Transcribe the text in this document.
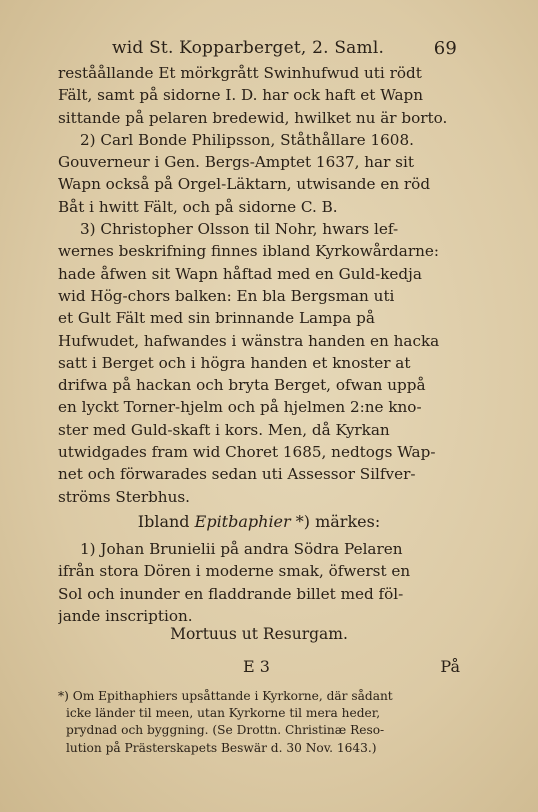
wid St. Kopparberget, 2. Saml.	69
reståållande Et mörkgrått Swinhufwud uti rödt
Fält, samt på sidorne I. D. har ock haft et Wapn
sittande på pelaren bredewid, hwilket nu är borto.
2) Carl Bonde Philipsson, Ståthållare 1608.
Gouverneur i Gen. Bergs-Amptet 1637, har sit
Wapn också på Orgel-Läktarn, utwisande en röd
Båt i hwitt Fält, och på sidorne C. B.
3) Christopher Olsson til Nohr, hwars lef-
wernes beskrifning finnes ibland Kyrkowårdarne:
hade åfwen sit Wapn håftad med en Guld-kedja
wid Hög-chors balken: En bla Bergsman uti
et Gult Fält med sin brinnande Lampa på
Hufwudet, hafwandes i wänstra handen en hacka
satt i Berget och i högra handen et knoster at
drifwa på hackan och bryta Berget, ofwan uppå
en lyckt Torner-hjelm och på hjelmen 2:ne kno-
ster med Guld-skaft i kors. Men, då Kyrkan
utwidgades fram wid Choret 1685, nedtogs Wap-
net och förwarades sedan uti Assessor Silfver-
ströms Sterbhus.
Ibland Epitbaphier *) märkes:
1) Johan Brunielii på andra Södra Pelaren
ifrån stora Dören i moderne smak, öfwerst en
Sol och inunder en fladdrande billet med föl-
jande inscription.
Mortuus ut Resurgam.
E 3	På
*) Om Epithaphiers upsåttande i Kyrkorne, där sådant
icke länder til meen, utan Kyrkorne til mera heder,
prydnad och byggning. (Se Drottn. Christinæ Reso-
lution på Prästerskapets Beswär d. 30 Nov. 1643.)
